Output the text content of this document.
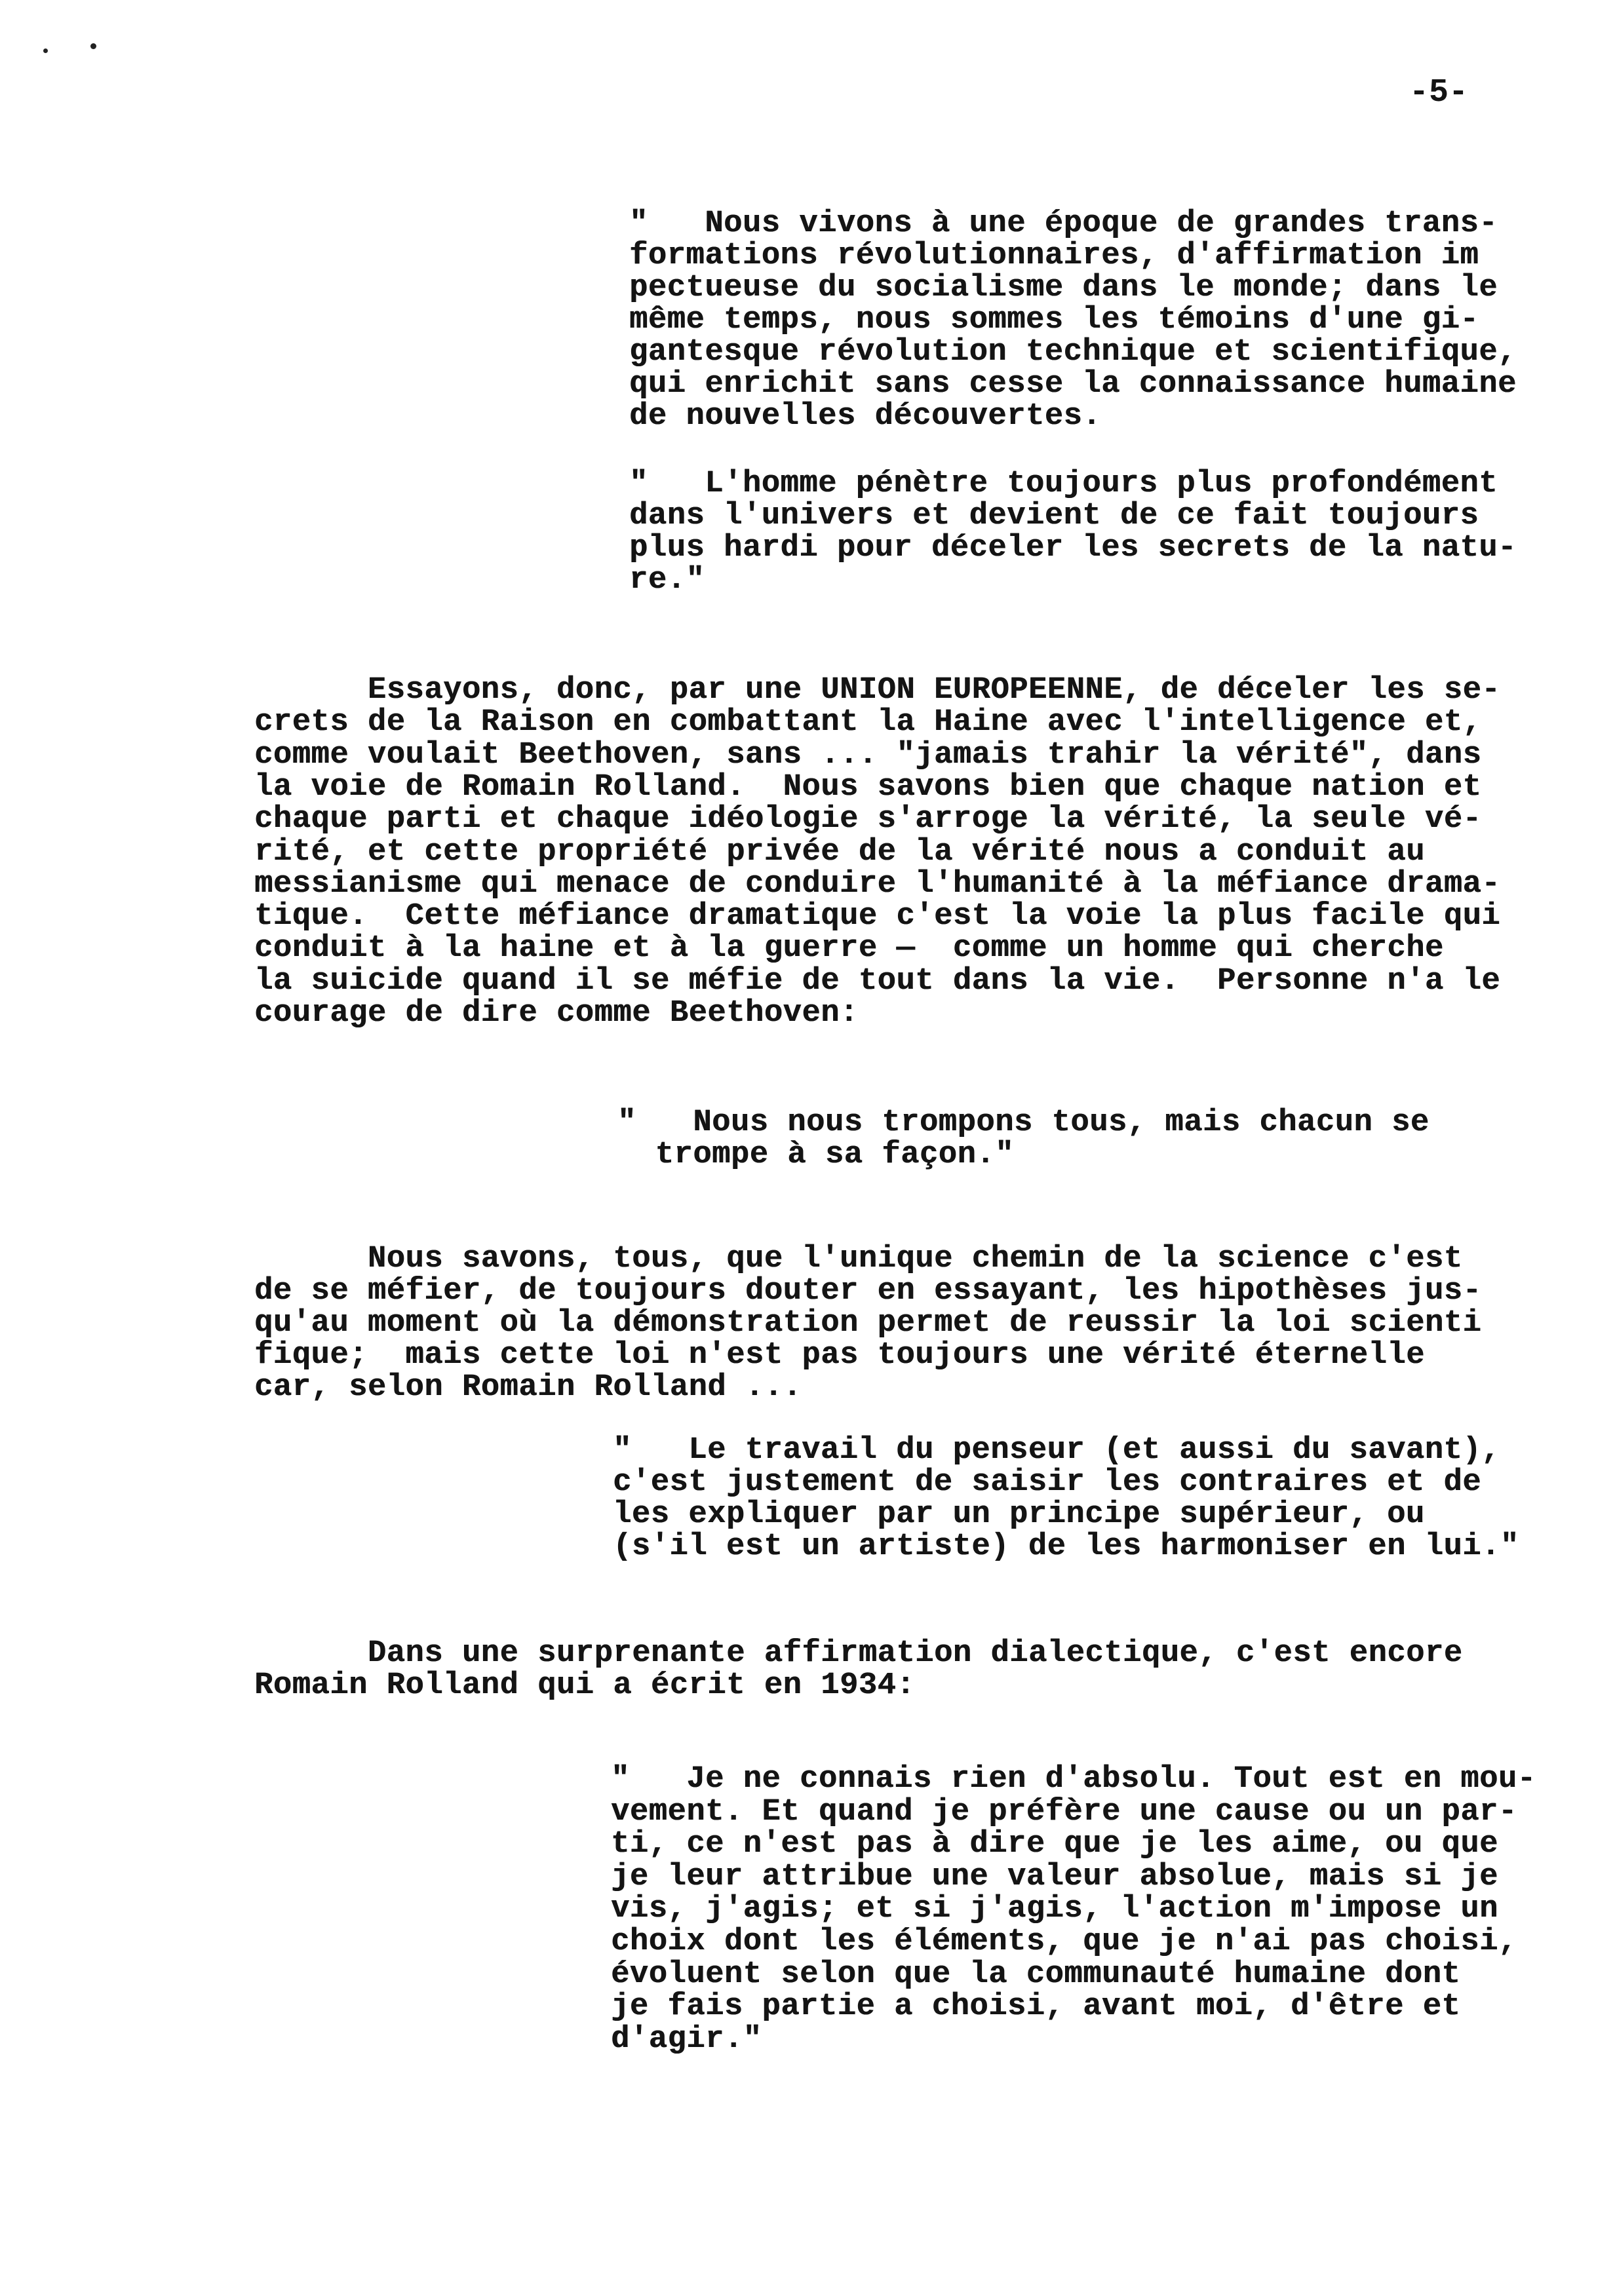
-5-
"   Nous vivons à une époque de grandes trans-
formations révolutionnaires, d'affirmation im
pectueuse du socialisme dans le monde; dans le
même temps, nous sommes les témoins d'une gi-
gantesque révolution technique et scientifique,
qui enrichit sans cesse la connaissance humaine
de nouvelles découvertes.
"   L'homme pénètre toujours plus profondément
dans l'univers et devient de ce fait toujours
plus hardi pour déceler les secrets de la natu-
re."
Essayons, donc, par une UNION EUROPEENNE, de déceler les se-
crets de la Raison en combattant la Haine avec l'intelligence et,
comme voulait Beethoven, sans ... "jamais trahir la vérité", dans
la voie de Romain Rolland.  Nous savons bien que chaque nation et
chaque parti et chaque idéologie s'arroge la vérité, la seule vé-
rité, et cette propriété privée de la vérité nous a conduit au
messianisme qui menace de conduire l'humanité à la méfiance drama-
tique.  Cette méfiance dramatique c'est la voie la plus facile qui
conduit à la haine et à la guerre —  comme un homme qui cherche
la suicide quand il se méfie de tout dans la vie.  Personne n'a le
courage de dire comme Beethoven:
"   Nous nous trompons tous, mais chacun se
trompe à sa façon."
Nous savons, tous, que l'unique chemin de la science c'est
de se méfier, de toujours douter en essayant, les hipothèses jus-
qu'au moment où la démonstration permet de reussir la loi scienti
fique;  mais cette loi n'est pas toujours une vérité éternelle
car, selon Romain Rolland ...
"   Le travail du penseur (et aussi du savant),
c'est justement de saisir les contraires et de
les expliquer par un principe supérieur, ou
(s'il est un artiste) de les harmoniser en lui."
Dans une surprenante affirmation dialectique, c'est encore
Romain Rolland qui a écrit en 1934:
"   Je ne connais rien d'absolu. Tout est en mou-
vement. Et quand je préfère une cause ou un par-
ti, ce n'est pas à dire que je les aime, ou que
je leur attribue une valeur absolue, mais si je
vis, j'agis; et si j'agis, l'action m'impose un
choix dont les éléments, que je n'ai pas choisi,
évoluent selon que la communauté humaine dont
je fais partie a choisi, avant moi, d'être et
d'agir."
